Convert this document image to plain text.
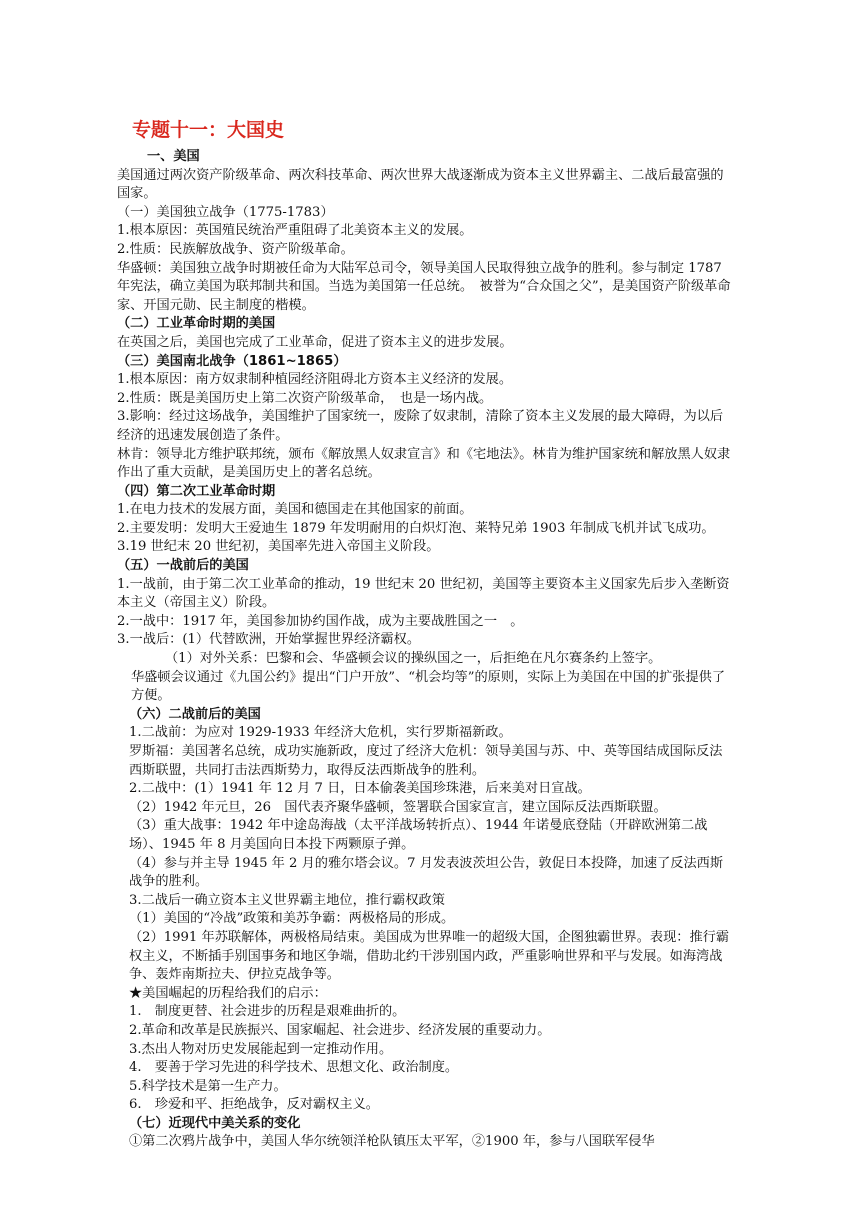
专题十一：大国史

一、美国

美国通过两次资产阶级革命、两次科技革命、两次世界大战逐渐成为资本主义世界霸主、二战后最富强的国家。

（一）美国独立战争（1775-1783）

1.根本原因：英国殖民统治严重阻碍了北美资本主义的发展。

2.性质：民族解放战争、资产阶级革命。

华盛顿：美国独立战争时期被任命为大陆军总司令，领导美国人民取得独立战争的胜利。参与制定 1787 年宪法，确立美国为联邦制共和国。当选为美国第一任总统。　被誉为“合众国之父”，是美国资产阶级革命家、开国元勋、民主制度的楷模。

（二）工业革命时期的美国

在英国之后，美国也完成了工业革命，促进了资本主义的进步发展。

（三）美国南北战争（1861~1865）

1.根本原因：南方奴隶制种植园经济阻碍北方资本主义经济的发展。

2.性质：既是美国历史上第二次资产阶级革命，　也是一场内战。

3.影响：经过这场战争，美国维护了国家统一，废除了奴隶制，清除了资本主义发展的最大障碍，为以后经济的迅速发展创造了条件。

林肯：领导北方维护联邦统，颁布《解放黑人奴隶宣言》和《宅地法》。林肯为维护国家统和解放黑人奴隶作出了重大贡献，是美国历史上的著名总统。

（四）第二次工业革命时期

1.在电力技术的发展方面，美国和德国走在其他国家的前面。

2.主要发明：发明大王爱迪生 1879 年发明耐用的白炽灯泡、莱特兄弟 1903 年制成飞机并试飞成功。

3.19 世纪末 20 世纪初，美国率先进入帝国主义阶段。

（五）一战前后的美国

1.一战前，由于第二次工业革命的推动，19 世纪末 20 世纪初，美国等主要资本主义国家先后步入垄断资本主义（帝国主义）阶段。

2.一战中：1917 年，美国参加协约国作战，成为主要战胜国之一　。

3.一战后：(1）代替欧洲，开始掌握世界经济霸权。

（1）对外关系：巴黎和会、华盛顿会议的操纵国之一，后拒绝在凡尔赛条约上签字。

华盛顿会议通过《九国公约》提出“门户开放”、“机会均等”的原则，实际上为美国在中国的扩张提供了方便。

（六）二战前后的美国

1.二战前：为应对 1929-1933 年经济大危机，实行罗斯福新政。

罗斯福：美国著名总统，成功实施新政，度过了经济大危机：领导美国与苏、中、英等国结成国际反法西斯联盟，共同打击法西斯势力，取得反法西斯战争的胜利。

2.二战中：(1）1941 年 12 月 7 日，日本偷袭美国珍珠港，后来美对日宣战。

（2）1942 年元旦，26　国代表齐聚华盛顿，签署联合国家宣言，建立国际反法西斯联盟。

（3）重大战事：1942 年中途岛海战（太平洋战场转折点）、1944 年诺曼底登陆（开辟欧洲第二战场）、1945 年 8 月美国向日本投下两颗原子弹。

（4）参与并主导 1945 年 2 月的雅尔塔会议。7 月发表波茨坦公告，敦促日本投降，加速了反法西斯战争的胜利。

3.二战后一确立资本主义世界霸主地位，推行霸权政策

（1）美国的“冷战”政策和美苏争霸：两极格局的形成。

（2）1991 年苏联解体，两极格局结束。美国成为世界唯一的超级大国，企图独霸世界。表现：推行霸权主义，不断插手别国事务和地区争端，借助北约干涉别国内政，严重影响世界和平与发展。如海湾战争、轰炸南斯拉夫、伊拉克战争等。

★美国崛起的历程给我们的启示：

1.　制度更替、社会进步的历程是艰难曲折的。

2.革命和改革是民族振兴、国家崛起、社会进步、经济发展的重要动力。

3.杰出人物对历史发展能起到一定推动作用。

4.　要善于学习先进的科学技术、思想文化、政治制度。

5.科学技术是第一生产力。

6.　珍爱和平、拒绝战争，反对霸权主义。

（七）近现代中美关系的变化

①第二次鸦片战争中，美国人华尔统领洋枪队镇压太平军，②1900 年，参与八国联军侵华
